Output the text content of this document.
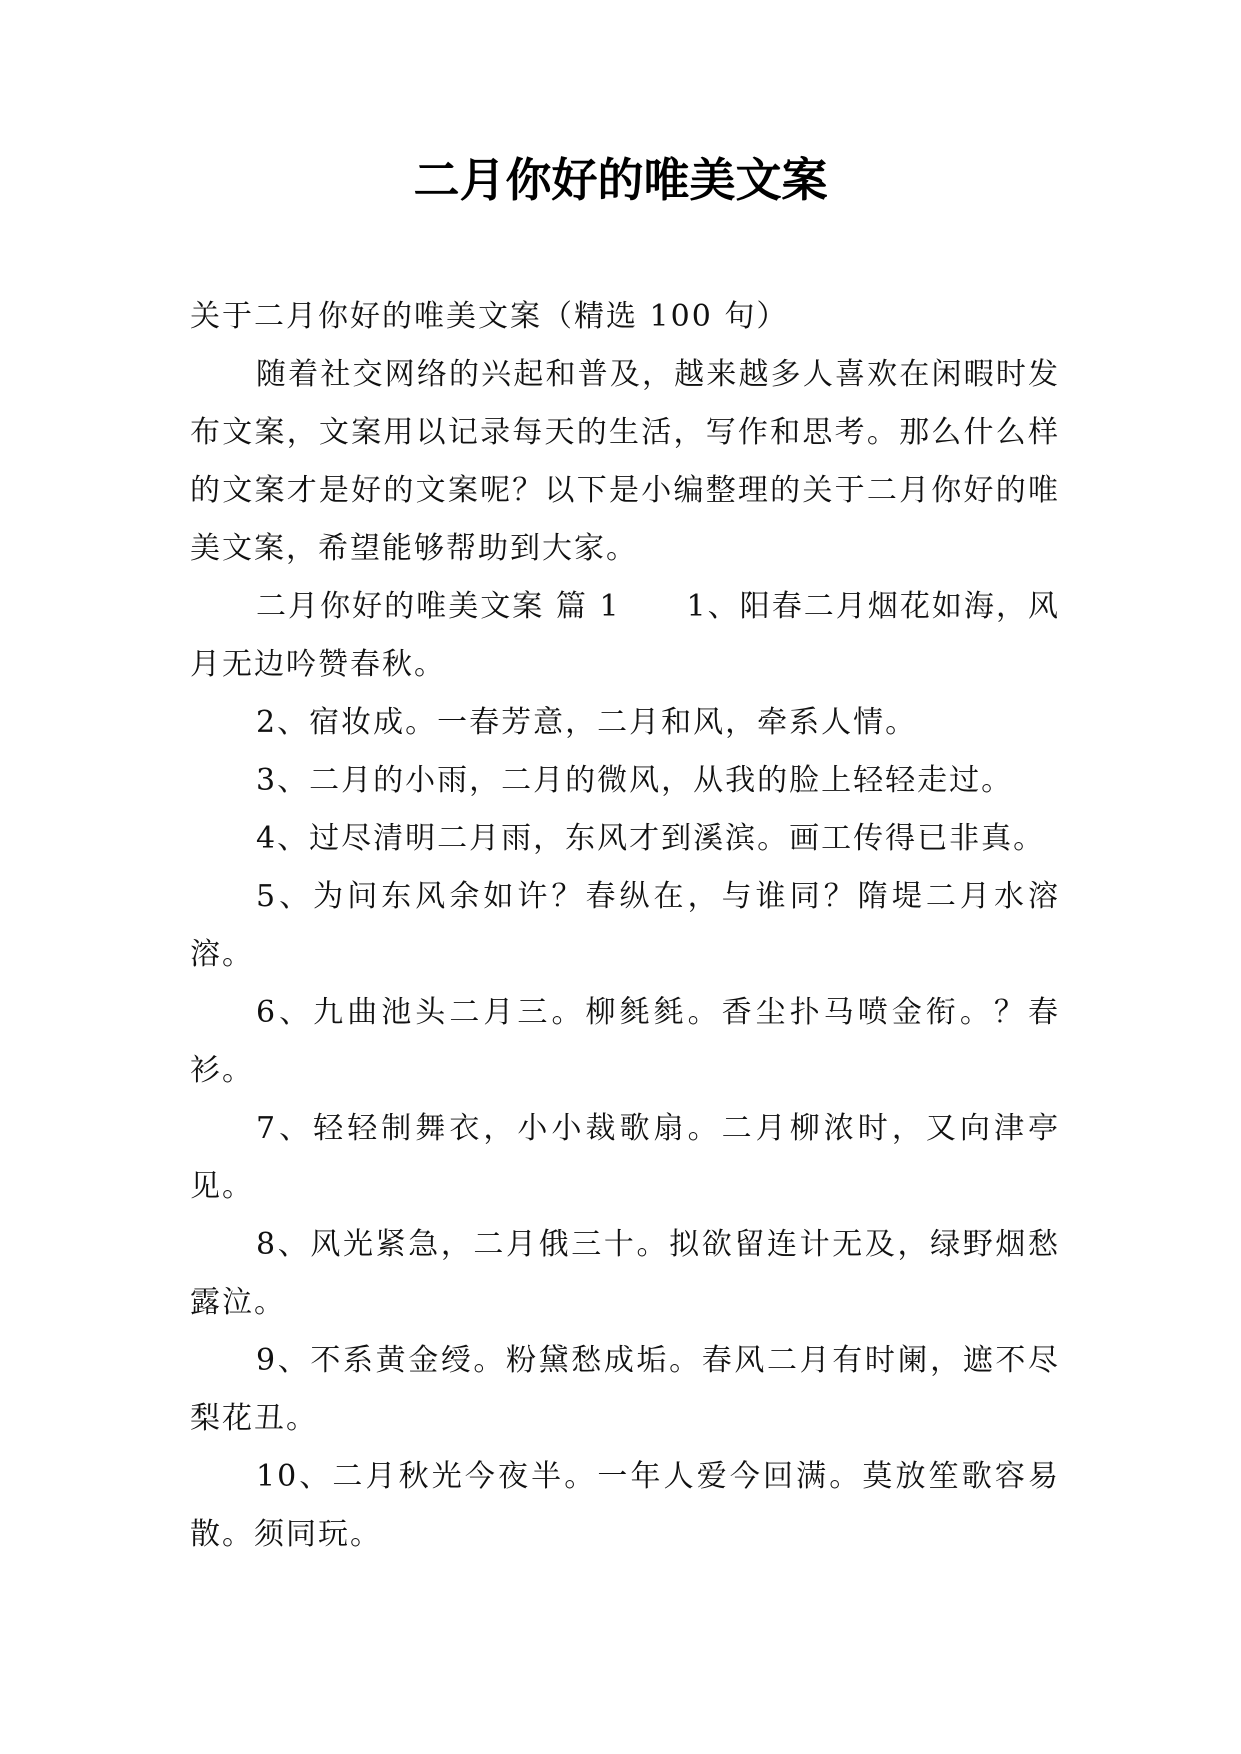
二月你好的唯美文案

关于二月你好的唯美文案（精选 100 句）

随着社交网络的兴起和普及，越来越多人喜欢在闲暇时发布文案，文案用以记录每天的生活，写作和思考。那么什么样的文案才是好的文案呢？以下是小编整理的关于二月你好的唯美文案，希望能够帮助到大家。

二月你好的唯美文案 篇 1 1、阳春二月烟花如海，风月无边吟赞春秋。

2、宿妆成。一春芳意，二月和风，牵系人情。

3、二月的小雨，二月的微风，从我的脸上轻轻走过。

4、过尽清明二月雨，东风才到溪滨。画工传得已非真。

5、为问东风余如许？春纵在，与谁同？隋堤二月水溶溶。

6、九曲池头二月三。柳毵毵。香尘扑马喷金衔。？春衫。

7、轻轻制舞衣，小小裁歌扇。二月柳浓时，又向津亭见。

8、风光紧急，二月俄三十。拟欲留连计无及，绿野烟愁露泣。

9、不系黄金绶。粉黛愁成垢。春风二月有时阑，遮不尽梨花丑。

10、二月秋光今夜半。一年人爱今回满。莫放笙歌容易散。须同玩。
